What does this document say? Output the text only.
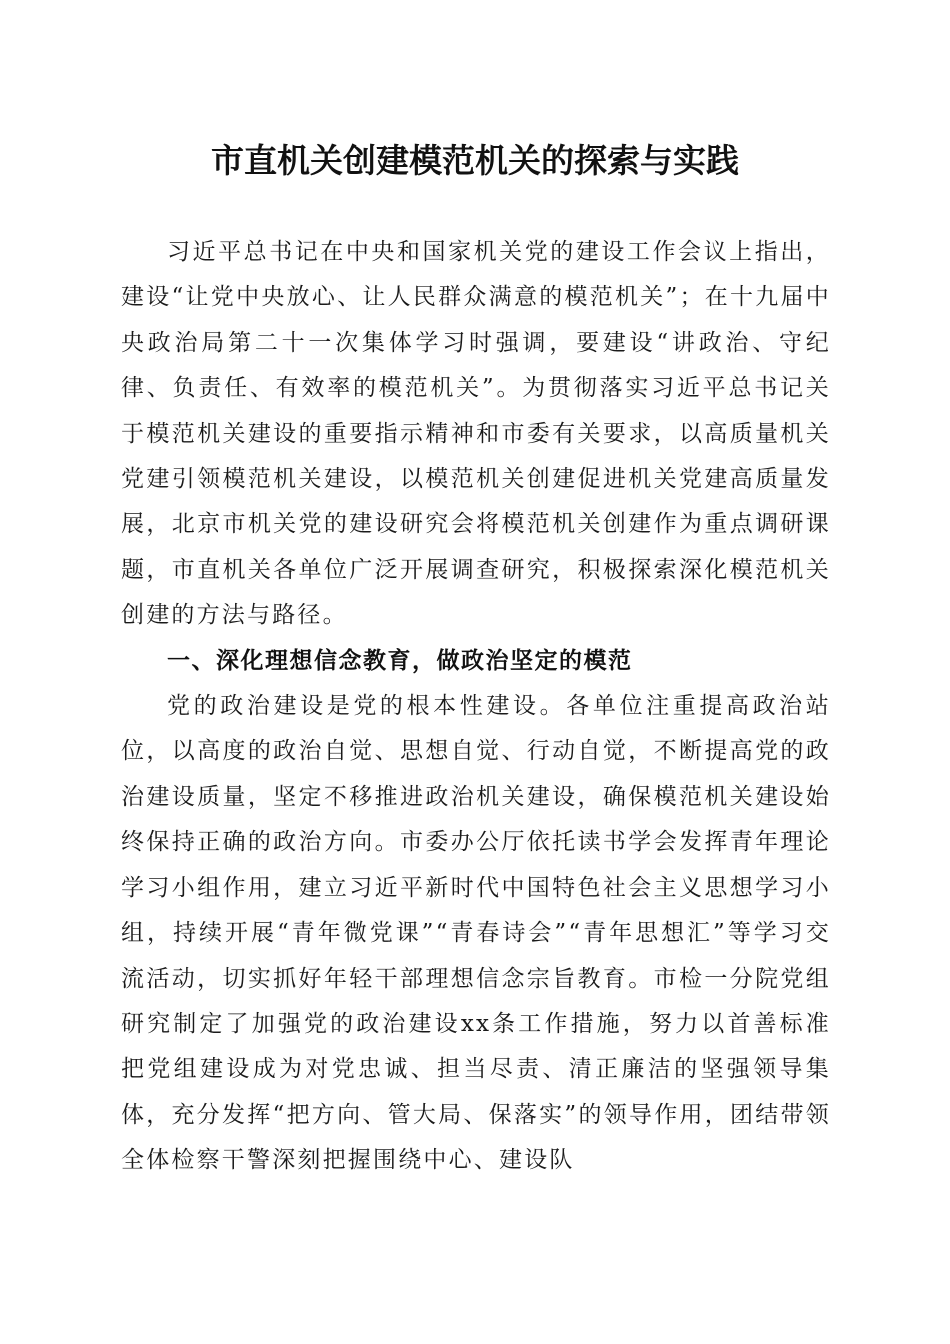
市直机关创建模范机关的探索与实践

习近平总书记在中央和国家机关党的建设工作会议上指出，建设“让党中央放心、让人民群众满意的模范机关”；在十九届中央政治局第二十一次集体学习时强调，要建设“讲政治、守纪律、负责任、有效率的模范机关”。为贯彻落实习近平总书记关于模范机关建设的重要指示精神和市委有关要求，以高质量机关党建引领模范机关建设，以模范机关创建促进机关党建高质量发展，北京市机关党的建设研究会将模范机关创建作为重点调研课题，市直机关各单位广泛开展调查研究，积极探索深化模范机关创建的方法与路径。

一、深化理想信念教育，做政治坚定的模范

党的政治建设是党的根本性建设。各单位注重提高政治站位，以高度的政治自觉、思想自觉、行动自觉，不断提高党的政治建设质量，坚定不移推进政治机关建设，确保模范机关建设始终保持正确的政治方向。市委办公厅依托读书学会发挥青年理论学习小组作用，建立习近平新时代中国特色社会主义思想学习小组，持续开展“青年微党课”“青春诗会”“青年思想汇”等学习交流活动，切实抓好年轻干部理想信念宗旨教育。市检一分院党组研究制定了加强党的政治建设xx条工作措施，努力以首善标准把党组建设成为对党忠诚、担当尽责、清正廉洁的坚强领导集体，充分发挥“把方向、管大局、保落实”的领导作用，团结带领全体检察干警深刻把握围绕中心、建设队
